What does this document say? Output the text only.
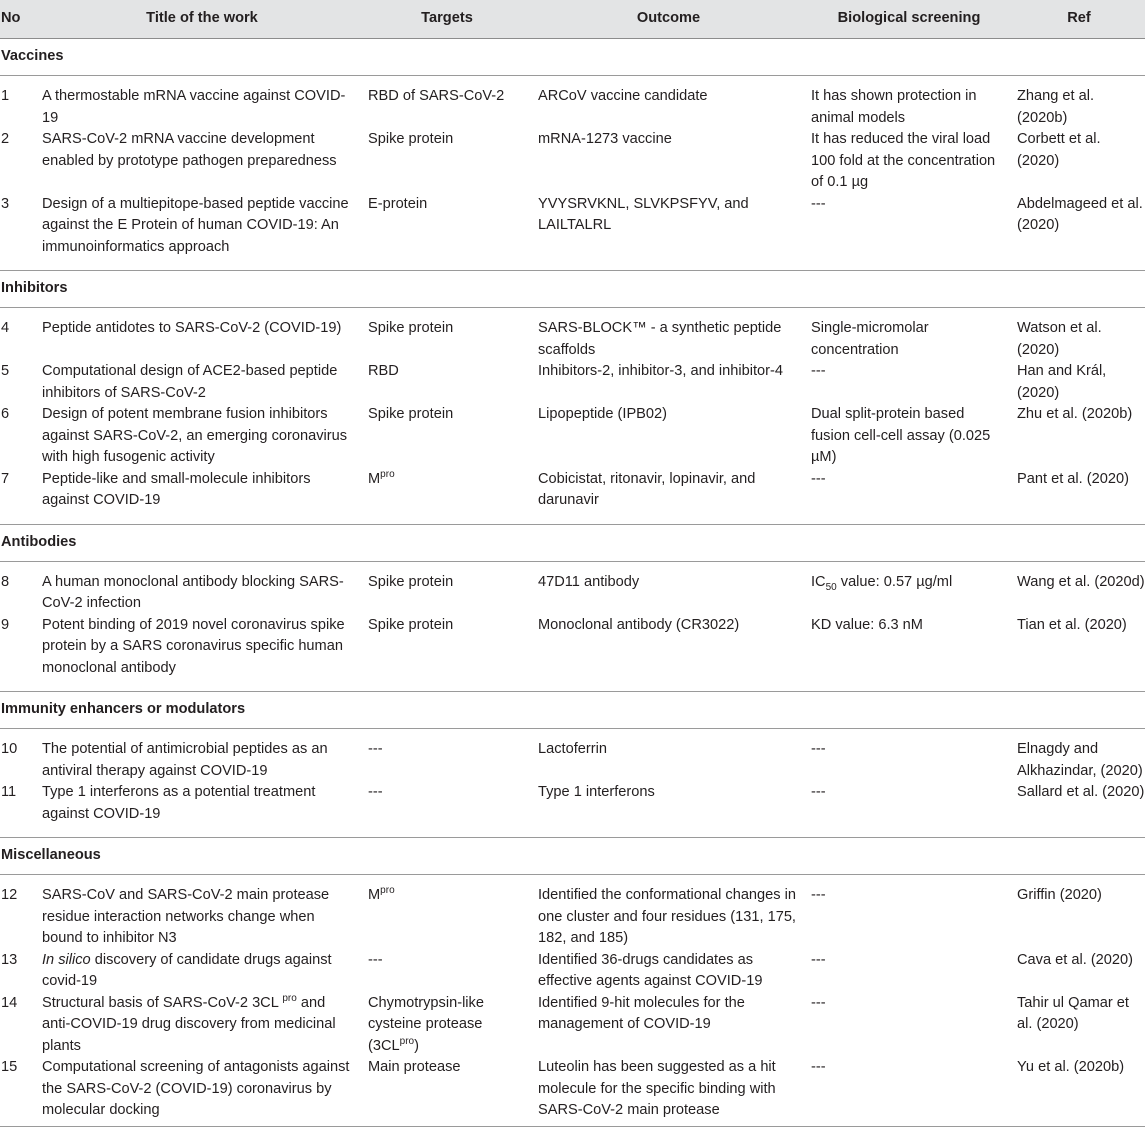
No	Title of the work	Targets	Outcome	Biological screening	Ref
Vaccines					
1	A thermostable mRNA vaccine against COVID-19	RBD of SARS-CoV-2	ARCoV vaccine candidate	It has shown protection in animal models	Zhang et al. (2020b)
2	SARS-CoV-2 mRNA vaccine development enabled by prototype pathogen preparedness	Spike protein	mRNA-1273 vaccine	It has reduced the viral load 100 fold at the concentration of 0.1 µg	Corbett et al. (2020)
3	Design of a multiepitope-based peptide vaccine against the E Protein of human COVID-19: An immunoinformatics approach	E-protein	YVYSRVKNL, SLVKPSFYV, and LAILTALRL	---	Abdelmageed et al. (2020)
Inhibitors					
4	Peptide antidotes to SARS-CoV-2 (COVID-19)	Spike protein	SARS-BLOCK™ - a synthetic peptide scaffolds	Single-micromolar concentration	Watson et al. (2020)
5	Computational design of ACE2-based peptide inhibitors of SARS-CoV-2	RBD	Inhibitors-2, inhibitor-3, and inhibitor-4	---	Han and Král, (2020)
6	Design of potent membrane fusion inhibitors against SARS-CoV-2, an emerging coronavirus with high fusogenic activity	Spike protein	Lipopeptide (IPB02)	Dual split-protein based fusion cell-cell assay (0.025 µM)	Zhu et al. (2020b)
7	Peptide-like and small-molecule inhibitors against COVID-19	$M^{pro}$	Cobicistat, ritonavir, lopinavir, and darunavir	---	Pant et al. (2020)
Antibodies					
8	A human monoclonal antibody blocking SARS-CoV-2 infection	Spike protein	47D11 antibody	$IC_{50}$ value: 0.57 µg/ml	Wang et al. (2020d)
9	Potent binding of 2019 novel coronavirus spike protein by a SARS coronavirus specific human monoclonal antibody	Spike protein	Monoclonal antibody (CR3022)	KD value: 6.3 nM	Tian et al. (2020)
Immunity enhancers or modulators					
10	The potential of antimicrobial peptides as an antiviral therapy against COVID-19	---	Lactoferrin	---	Elnagdy and Alkhazindar, (2020)
11	Type 1 interferons as a potential treatment against COVID-19	---	Type 1 interferons	---	Sallard et al. (2020)
Miscellaneous					
12	SARS-CoV and SARS-CoV-2 main protease residue interaction networks change when bound to inhibitor N3	$M^{pro}$	Identified the conformational changes in one cluster and four residues (131, 175, 182, and 185)	---	Griffin (2020)
13	In silico discovery of candidate drugs against covid-19	---	Identified 36-drugs candidates as effective agents against COVID-19	---	Cava et al. (2020)
14	Structural basis of SARS-CoV-2 3CL $^{pro}$ and anti-COVID-19 drug discovery from medicinal plants	Chymotrypsin-like cysteine protease $(3CL^{pro})$	Identified 9-hit molecules for the management of COVID-19	---	Tahir ul Qamar et al. (2020)
15	Computational screening of antagonists against the SARS-CoV-2 (COVID-19) coronavirus by molecular docking	Main protease	Luteolin has been suggested as a hit molecule for the specific binding with SARS-CoV-2 main protease	---	Yu et al. (2020b)
